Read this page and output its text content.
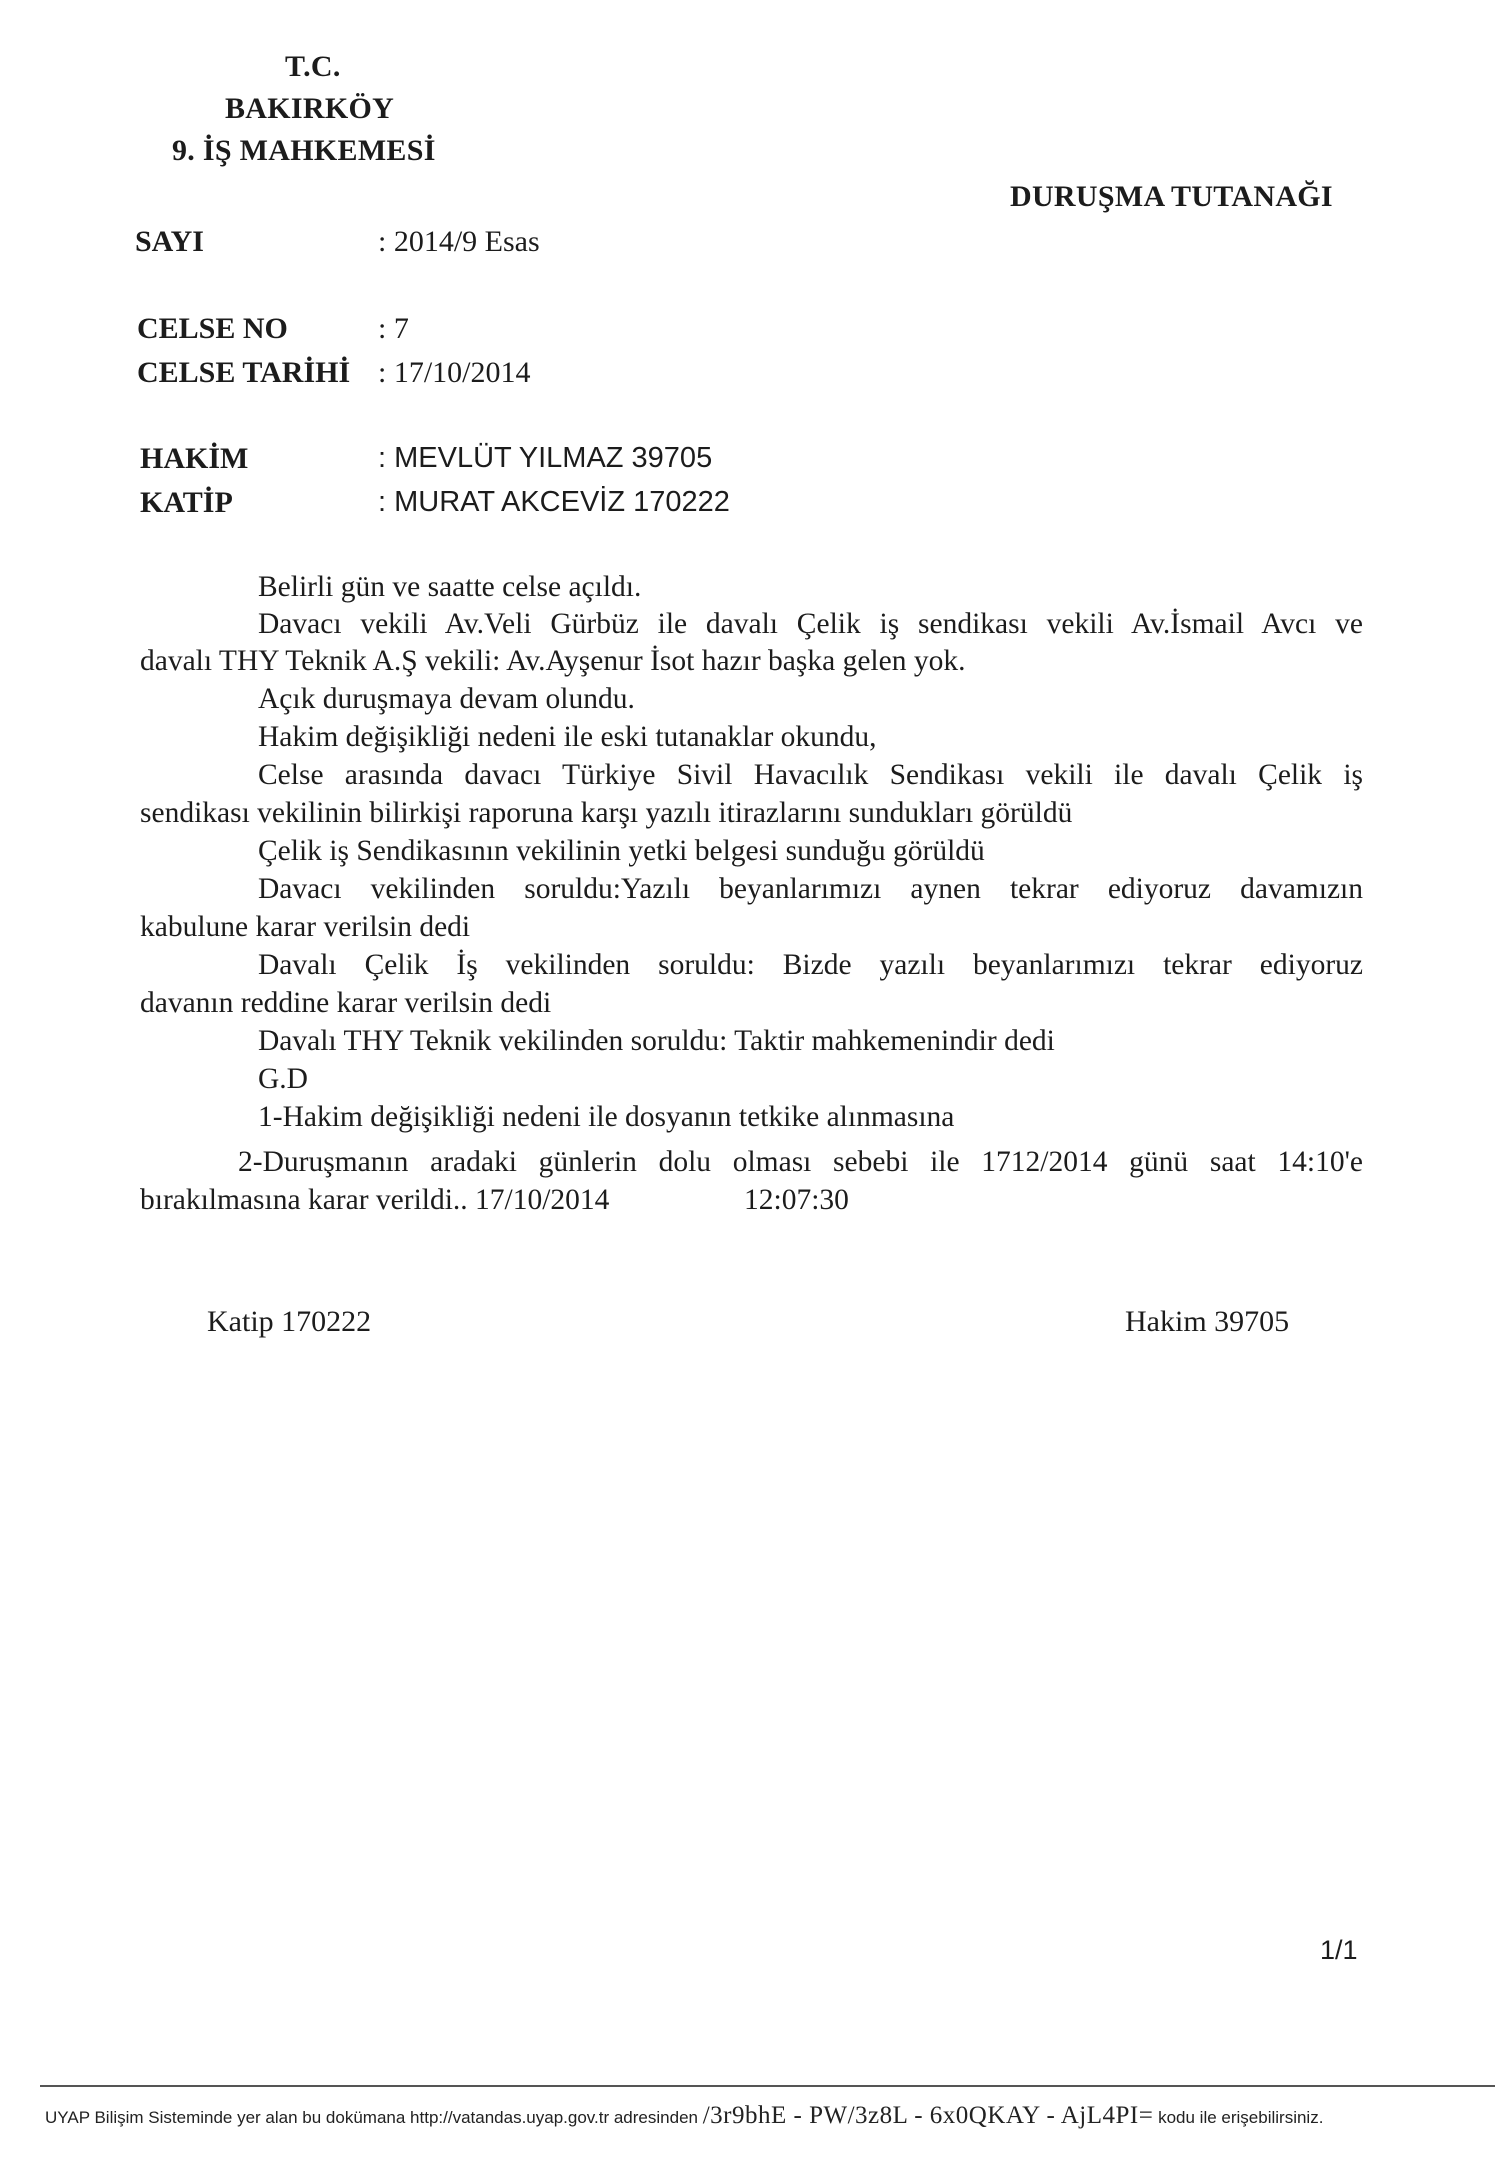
T.C.
BAKIRKÖY
9. İŞ MAHKEMESİ
DURUŞMA TUTANAĞI
SAYI	: 2014/9 Esas
CELSE NO	: 7
CELSE TARİHİ : 17/10/2014
HAKİM	: MEVLÜT YILMAZ 39705
KATİP	: MURAT AKCEVİZ 170222
Belirli gün ve saatte celse açıldı.
Davacı vekili Av.Veli Gürbüz ile davalı Çelik iş sendikası vekili Av.İsmail Avcı ve
davalı THY Teknik A.Ş vekili: Av.Ayşenur İsot hazır başka gelen yok.
Açık duruşmaya devam olundu.
Hakim değişikliği nedeni ile eski tutanaklar okundu,
Celse arasında davacı Türkiye Sivil Havacılık Sendikası vekili ile davalı Çelik iş
sendikası vekilinin bilirkişi raporuna karşı yazılı itirazlarını sundukları görüldü
Çelik iş Sendikasının vekilinin yetki belgesi sunduğu görüldü
Davacı vekilinden soruldu:Yazılı beyanlarımızı aynen tekrar ediyoruz davamızın
kabulune karar verilsin dedi
Davalı Çelik İş vekilinden soruldu: Bizde yazılı beyanlarımızı tekrar ediyoruz
davanın reddine karar verilsin dedi
Davalı THY Teknik vekilinden soruldu: Taktir mahkemenindir dedi
G.D
1-Hakim değişikliği nedeni ile dosyanın tetkike alınmasına
2-Duruşmanın aradaki günlerin dolu olması sebebi ile 1712/2014 günü saat 14:10'e
bırakılmasına karar verildi.. 17/10/2014	12:07:30
Katip 170222	Hakim 39705
1/1
UYAP Bilişim Sisteminde yer alan bu dokümana http://vatandas.uyap.gov.tr adresinden /3r9bhE - PW/3z8L - 6x0QKAY - AjL4PI= kodu ile erişebilirsiniz.
